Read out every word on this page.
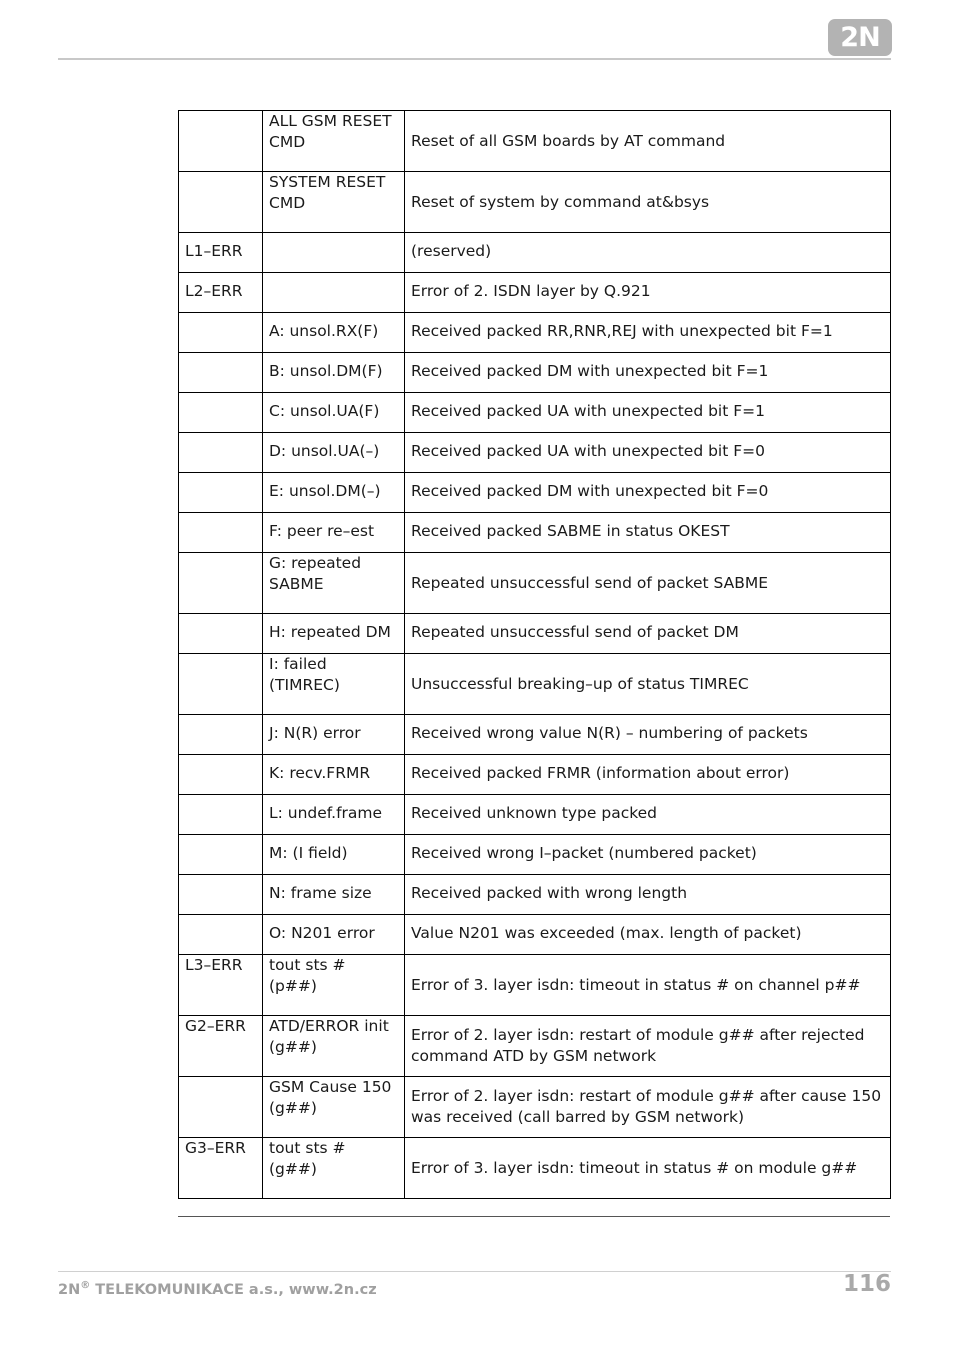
2N
	ALL GSM RESET CMD	Reset of all GSM boards by AT command
	SYSTEM RESET CMD	Reset of system by command at&bsys
L1–ERR		(reserved)
L2–ERR		Error of 2. ISDN layer by Q.921
	A: unsol.RX(F)	Received packed RR,RNR,REJ with unexpected bit F=1
	B: unsol.DM(F)	Received packed DM with unexpected bit F=1
	C: unsol.UA(F)	Received packed UA with unexpected bit F=1
	D: unsol.UA(–)	Received packed UA with unexpected bit F=0
	E: unsol.DM(–)	Received packed DM with unexpected bit F=0
	F: peer re–est	Received packed SABME in status OKEST
	G: repeated SABME	Repeated unsuccessful send of packet SABME
	H: repeated DM	Repeated unsuccessful send of packet DM
	I: failed (TIMREC)	Unsuccessful breaking–up of status TIMREC
	J: N(R) error	Received wrong value N(R) – numbering of packets
	K: recv.FRMR	Received packed FRMR (information about error)
	L: undef.frame	Received unknown type packed
	M: (I field)	Received wrong I–packet (numbered packet)
	N: frame size	Received packed with wrong length
	O: N201 error	Value N201 was exceeded (max. length of packet)
L3–ERR	tout sts # (p##)	Error of 3. layer isdn: timeout in status # on channel p##
G2–ERR	ATD/ERROR init (g##)	Error of 2. layer isdn: restart of module g## after rejected command ATD by GSM network
	GSM Cause 150 (g##)	Error of 2. layer isdn: restart of module g## after cause 150 was received (call barred by GSM network)
G3–ERR	tout sts # (g##)	Error of 3. layer isdn: timeout in status # on module g##
2N® TELEKOMUNIKACE a.s., www.2n.cz	116
